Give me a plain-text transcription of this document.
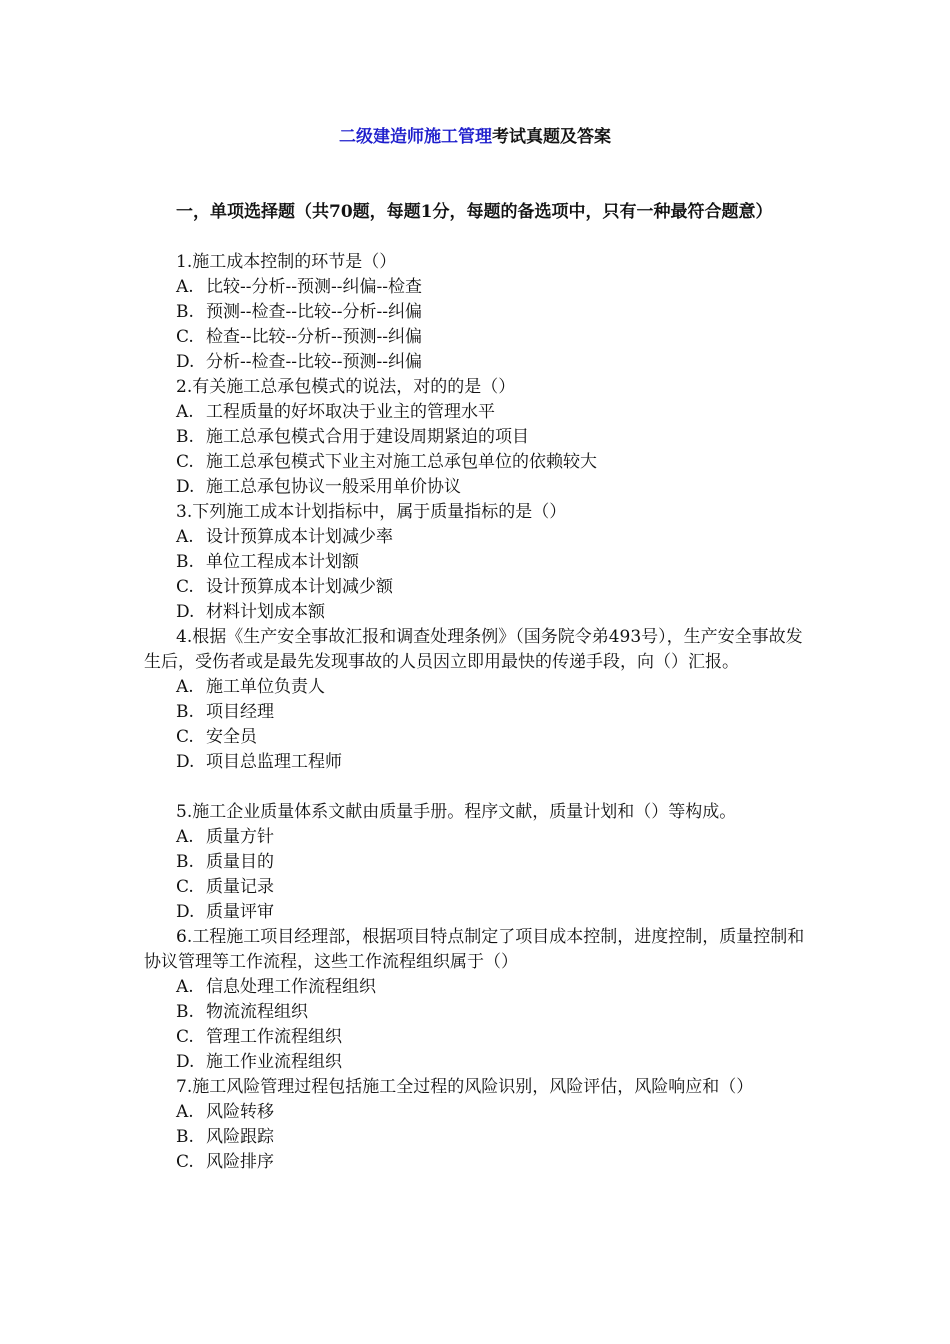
二级建造师施工管理考试真题及答案
一，单项选择题（共70题，每题1分，每题的备选项中，只有一种最符合题意）

1.施工成本控制的环节是（）

A. 比较--分析--预测--纠偏--检查

B. 预测--检查--比较--分析--纠偏

C. 检查--比较--分析--预测--纠偏

D. 分析--检查--比较--预测--纠偏

2.有关施工总承包模式的说法，对的的是（）

A. 工程质量的好坏取决于业主的管理水平

B. 施工总承包模式合用于建设周期紧迫的项目

C. 施工总承包模式下业主对施工总承包单位的依赖较大

D. 施工总承包协议一般采用单价协议

3.下列施工成本计划指标中，属于质量指标的是（）

A. 设计预算成本计划减少率

B. 单位工程成本计划额

C. 设计预算成本计划减少额

D. 材料计划成本额

4.根据《生产安全事故汇报和调查处理条例》（国务院令弟493号），生产安全事故发生后，受伤者或是最先发现事故的人员因立即用最快的传递手段，向（）汇报。

A. 施工单位负责人

B. 项目经理

C. 安全员

D. 项目总监理工程师

5.施工企业质量体系文献由质量手册。程序文献，质量计划和（）等构成。

A. 质量方针

B. 质量目的

C. 质量记录

D. 质量评审

6.工程施工项目经理部，根据项目特点制定了项目成本控制，进度控制，质量控制和协议管理等工作流程，这些工作流程组织属于（）

A. 信息处理工作流程组织

B. 物流流程组织

C. 管理工作流程组织

D. 施工作业流程组织

7.施工风险管理过程包括施工全过程的风险识别，风险评估，风险响应和（）

A. 风险转移

B. 风险跟踪

C. 风险排序
